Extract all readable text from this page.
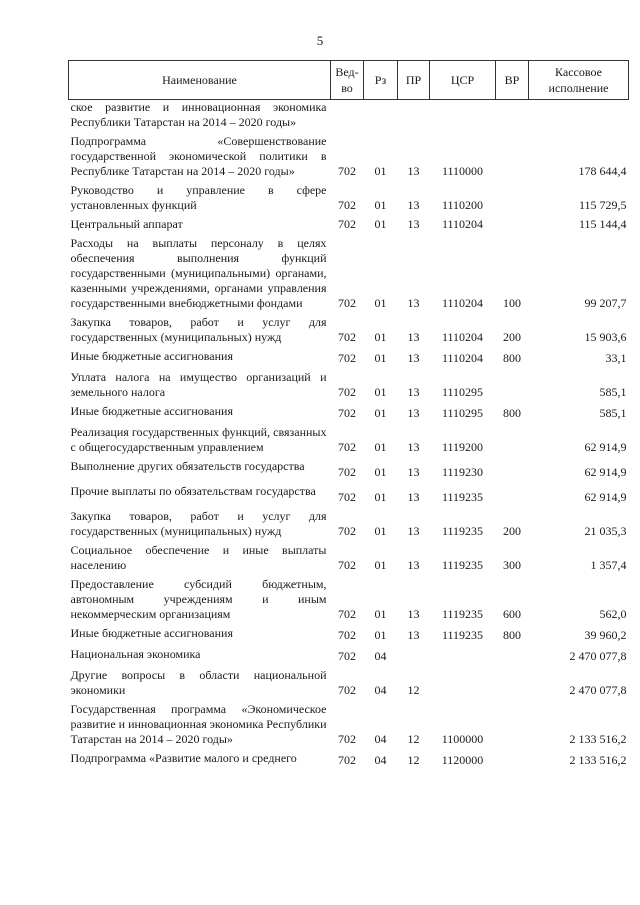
5
Наименование	Вед-во	Рз	ПР	ЦСР	ВР	Кассовое исполнение
ское развитие и инновационная экономика Республики Татарстан на 2014 – 2020 годы»						
Подпрограмма «Совершенствование государственной экономической политики в Республике Татарстан на 2014 – 2020 годы»	702	01	13	1110000		178 644,4
Руководство и управление в сфере установленных функций	702	01	13	1110200		115 729,5
Центральный аппарат	702	01	13	1110204		115 144,4
Расходы на выплаты персоналу в целях обеспечения выполнения функций государственными (муниципальными) органами, казенными учреждениями, органами управления государственными внебюджетными фондами	702	01	13	1110204	100	99 207,7
Закупка товаров, работ и услуг для государственных (муниципальных) нужд	702	01	13	1110204	200	15 903,6
Иные бюджетные ассигнования	702	01	13	1110204	800	33,1
Уплата налога на имущество организаций и земельного налога	702	01	13	1110295		585,1
Иные бюджетные ассигнования	702	01	13	1110295	800	585,1
Реализация государственных функций, связанных с общегосударственным управлением	702	01	13	1119200		62 914,9
Выполнение других обязательств государства	702	01	13	1119230		62 914,9
Прочие выплаты по обязательствам государства	702	01	13	1119235		62 914,9
Закупка товаров, работ и услуг для государственных (муниципальных) нужд	702	01	13	1119235	200	21 035,3
Социальное обеспечение и иные выплаты населению	702	01	13	1119235	300	1 357,4
Предоставление субсидий бюджетным, автономным учреждениям и иным некоммерческим организациям	702	01	13	1119235	600	562,0
Иные бюджетные ассигнования	702	01	13	1119235	800	39 960,2
Национальная экономика	702	04				2 470 077,8
Другие вопросы в области национальной экономики	702	04	12			2 470 077,8
Государственная программа «Экономическое развитие и инновационная экономика Республики Татарстан на 2014 – 2020 годы»	702	04	12	1100000		2 133 516,2
Подпрограмма «Развитие малого и среднего	702	04	12	1120000		2 133 516,2
